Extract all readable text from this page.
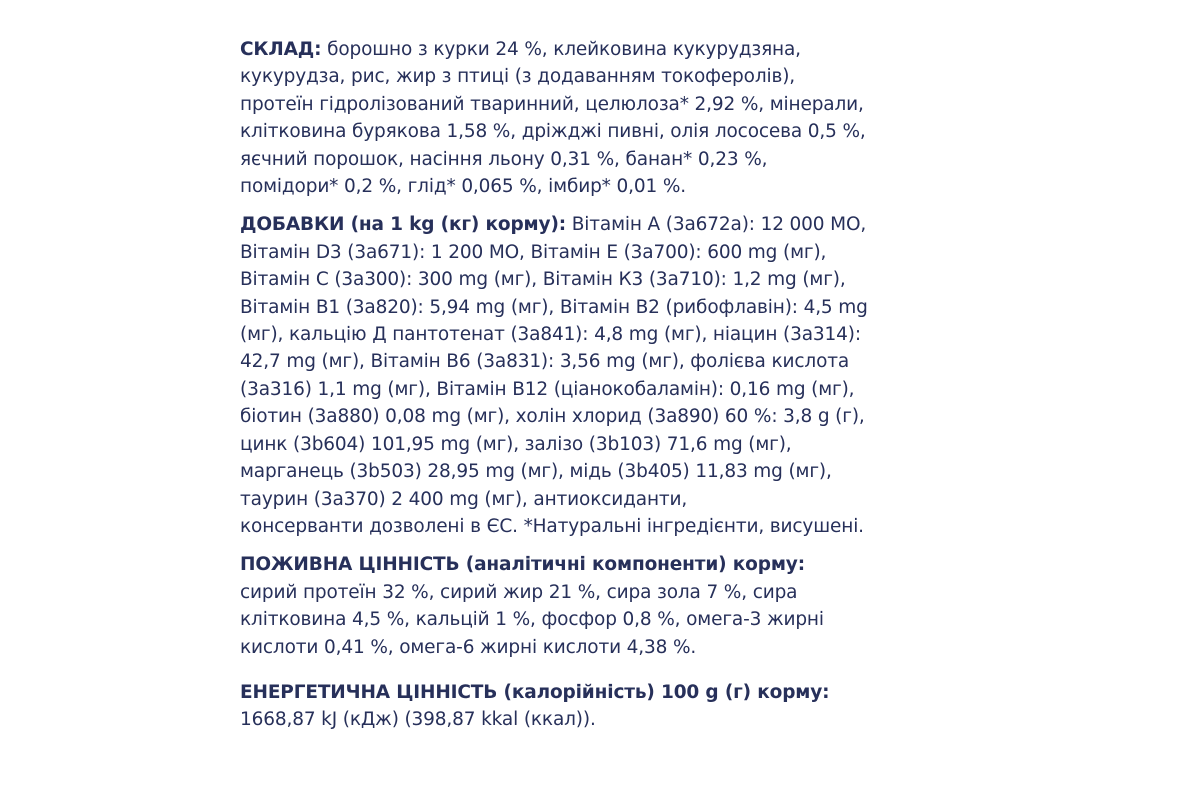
СКЛАД: борошно з курки 24 %, клейковина кукурудзяна,
кукурудза, рис, жир з птиці (з додаванням токоферолів),
протеїн гідролізований тваринний, целюлоза* 2,92 %, мінерали,
клітковина бурякова 1,58 %, дріжджі пивні, олія лососева 0,5 %,
яєчний порошок, насіння льону 0,31 %, банан* 0,23 %,
помідори* 0,2 %, глід* 0,065 %, імбир* 0,01 %.

ДОБАВКИ (на 1 kg (кг) корму): Вітамін А (3a672a): 12 000 МО,
Вітамін D3 (3a671): 1 200 МО, Вітамін Е (3a700): 600 mg (мг),
Вітамін С (3a300): 300 mg (мг), Вітамін К3 (3a710): 1,2 mg (мг),
Вітамін В1 (3a820): 5,94 mg (мг), Вітамін В2 (рибофлавін): 4,5 mg
(мг), кальцію Д пантотенат (3a841): 4,8 mg (мг), ніацин (3a314):
42,7 mg (мг), Вітамін В6 (3a831): 3,56 mg (мг), фолієва кислота
(3a316) 1,1 mg (мг), Вітамін В12 (ціанокобаламін): 0,16 mg (мг),
біотин (3a880) 0,08 mg (мг), холін хлорид (3a890) 60 %: 3,8 g (г),
цинк (3b604) 101,95 mg (мг), залізо (3b103) 71,6 mg (мг),
марганець (3b503) 28,95 mg (мг), мідь (3b405) 11,83 mg (мг),
таурин (3a370) 2 400 mg (мг), антиоксиданти,
консерванти дозволені в ЄС. *Натуральні інгредієнти, висушені.

ПОЖИВНА ЦІННІСТЬ (аналітичні компоненти) корму:
сирий протеїн 32 %, сирий жир 21 %, сира зола 7 %, сира
клітковина 4,5 %, кальцій 1 %, фосфор 0,8 %, омега-3 жирні
кислоти 0,41 %, омега-6 жирні кислоти 4,38 %.

ЕНЕРГЕТИЧНА ЦІННІСТЬ (калорійність) 100 g (г) корму:
1668,87 kJ (кДж) (398,87 kkal (ккал)).
